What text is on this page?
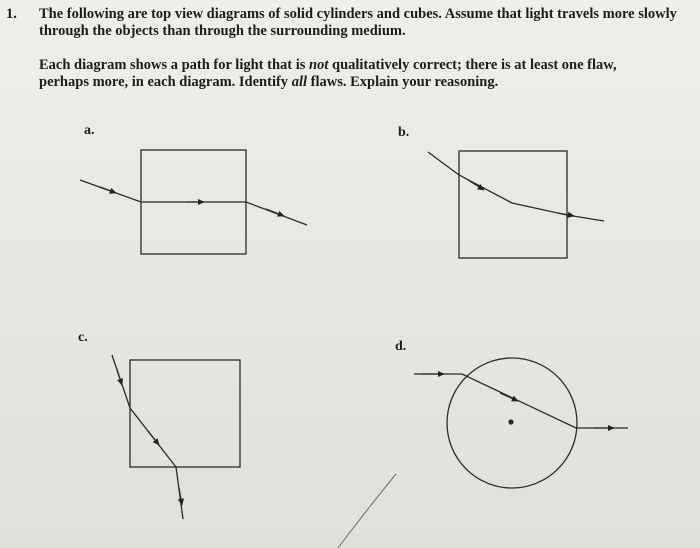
1. The following are top view diagrams of solid cylinders and cubes. Assume that light travels more slowly through the objects than through the surrounding medium.
Each diagram shows a path for light that is not qualitatively correct; there is at least one flaw, perhaps more, in each diagram. Identify all flaws. Explain your reasoning.
a.	b.
c.
d.
